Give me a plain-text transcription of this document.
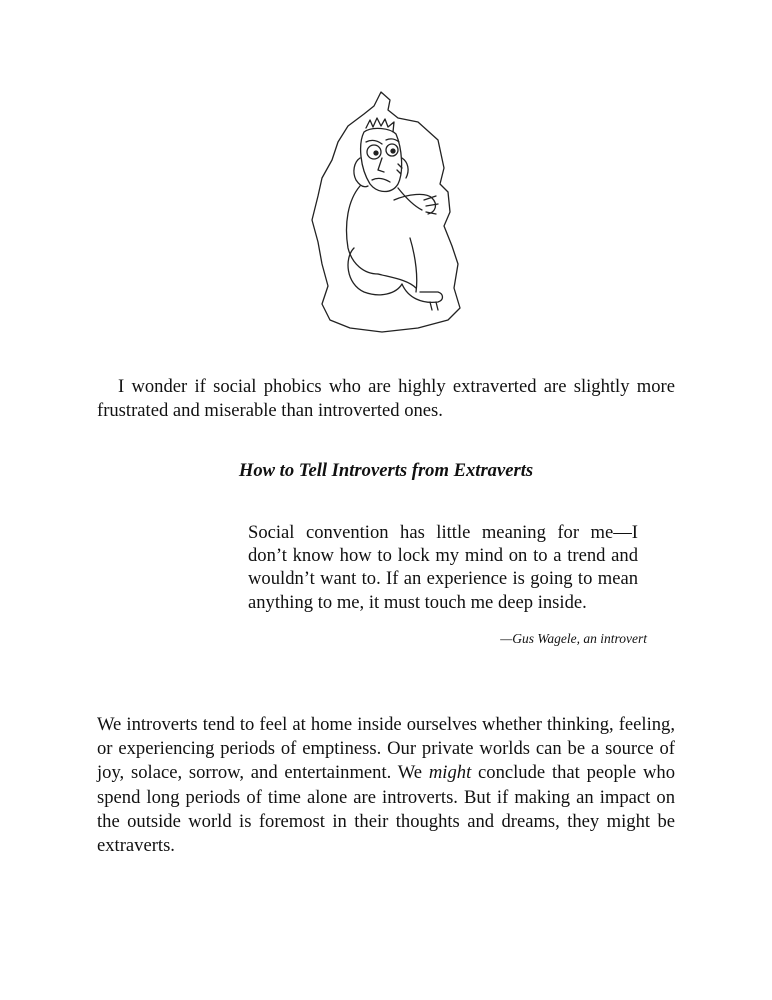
I wonder if social phobics who are highly extraverted are slightly more frustrated and miserable than introverted ones.

How to Tell Introverts from Extraverts

Social convention has little meaning for me—I don’t know how to lock my mind on to a trend and wouldn’t want to. If an experience is going to mean anything to me, it must touch me deep inside.

—Gus Wagele, an introvert

We introverts tend to feel at home inside ourselves whether thinking, feeling, or experiencing periods of emptiness. Our private worlds can be a source of joy, solace, sorrow, and entertainment. We might conclude that people who spend long periods of time alone are introverts. But if making an impact on the outside world is foremost in their thoughts and dreams, they might be extraverts.
